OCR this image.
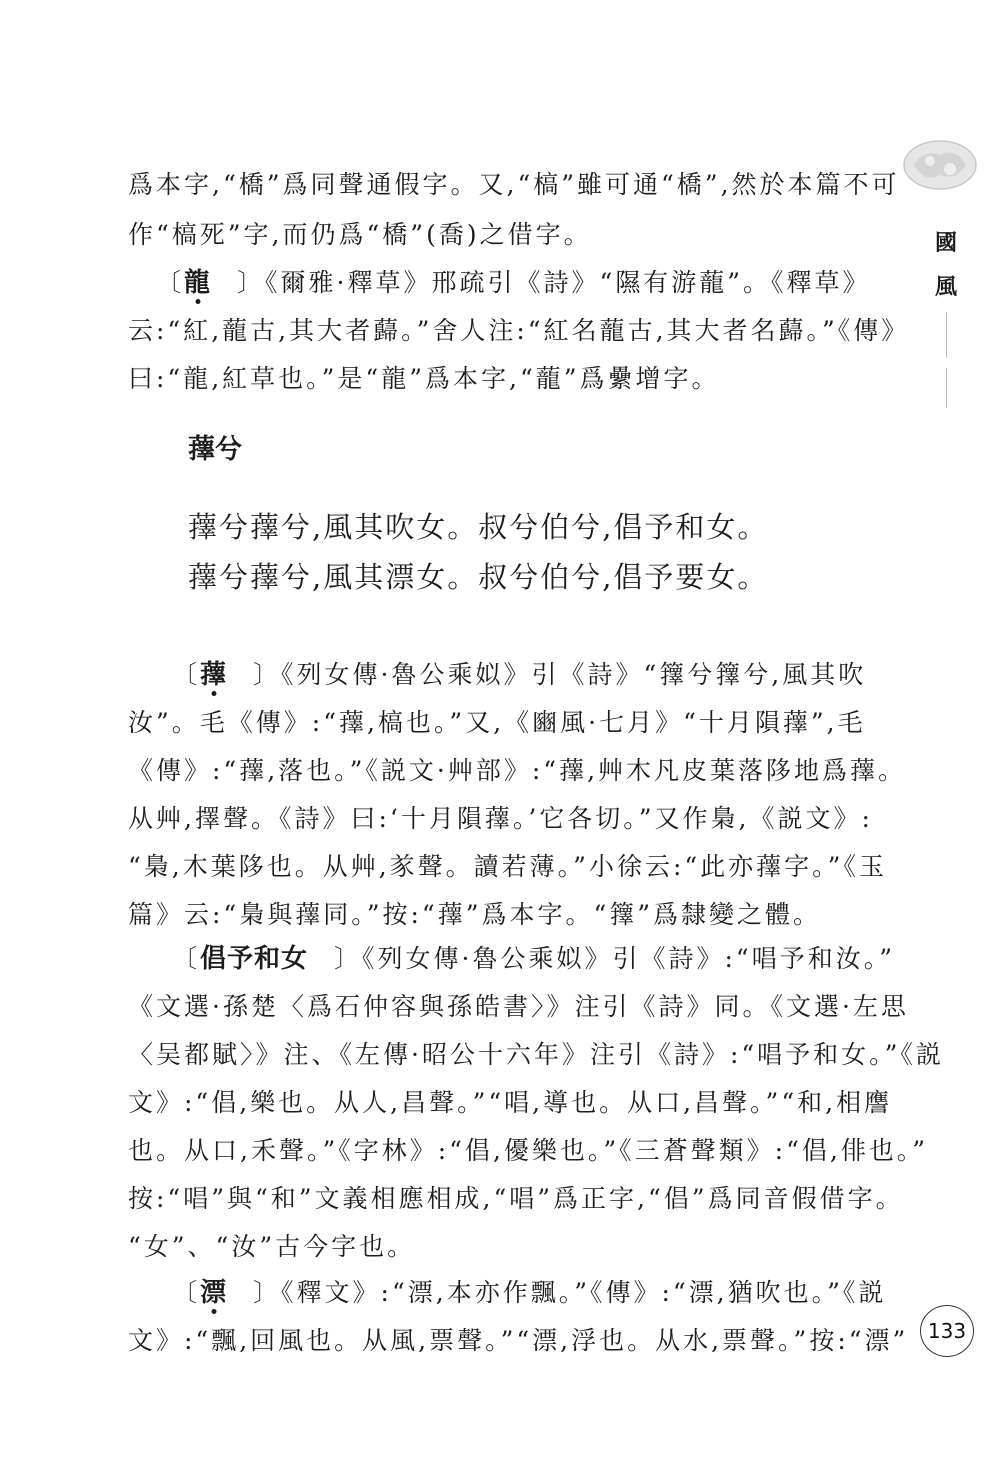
國
風
爲本字,“橋”爲同聲通假字。又,“槁”雖可通“橋”,然於本篇不可
作“槁死”字,而仍爲“橋”(喬)之借字。
〔龍 〕《爾雅·釋草》邢疏引《詩》“隰有游蘢”。《釋草》
云:“紅,蘢古,其大者蘬。”舍人注:“紅名蘢古,其大者名蘬。”《傳》
曰:“龍,紅草也。”是“龍”爲本字,“蘢”爲纍增字。
蘀兮
蘀兮蘀兮,風其吹女。叔兮伯兮,倡予和女。
蘀兮蘀兮,風其漂女。叔兮伯兮,倡予要女。
〔蘀 〕《列女傳·魯公乘姒》引《詩》“籜兮籜兮,風其吹
汝”。毛《傳》:“蘀,槁也。”又,《豳風·七月》“十月隕蘀”,毛
《傳》:“蘀,落也。”《説文·艸部》:“蘀,艸木凡皮葉落陊地爲蘀。
从艸,擇聲。《詩》曰:‘十月隕蘀。’它各切。”又作梟,《説文》:
“梟,木葉陊也。从艸,㒸聲。讀若薄。”小徐云:“此亦蘀字。”《玉
篇》云:“梟與蘀同。”按:“蘀”爲本字。“籜”爲隸變之體。
〔倡予和女 〕《列女傳·魯公乘姒》引《詩》:“唱予和汝。”
《文選·孫楚〈爲石仲容與孫皓書〉》注引《詩》同。《文選·左思
〈吴都賦〉》注、《左傳·昭公十六年》注引《詩》:“唱予和女。”《説
文》:“倡,樂也。从人,昌聲。”“唱,導也。从口,昌聲。”“和,相譍
也。从口,禾聲。”《字林》:“倡,優樂也。”《三蒼聲類》:“倡,俳也。”
按:“唱”與“和”文義相應相成,“唱”爲正字,“倡”爲同音假借字。
“女”、“汝”古今字也。
〔漂 〕《釋文》:“漂,本亦作飄。”《傳》:“漂,猶吹也。”《説
文》:“飄,回風也。从風,票聲。”“漂,浮也。从水,票聲。”按:“漂” 133
